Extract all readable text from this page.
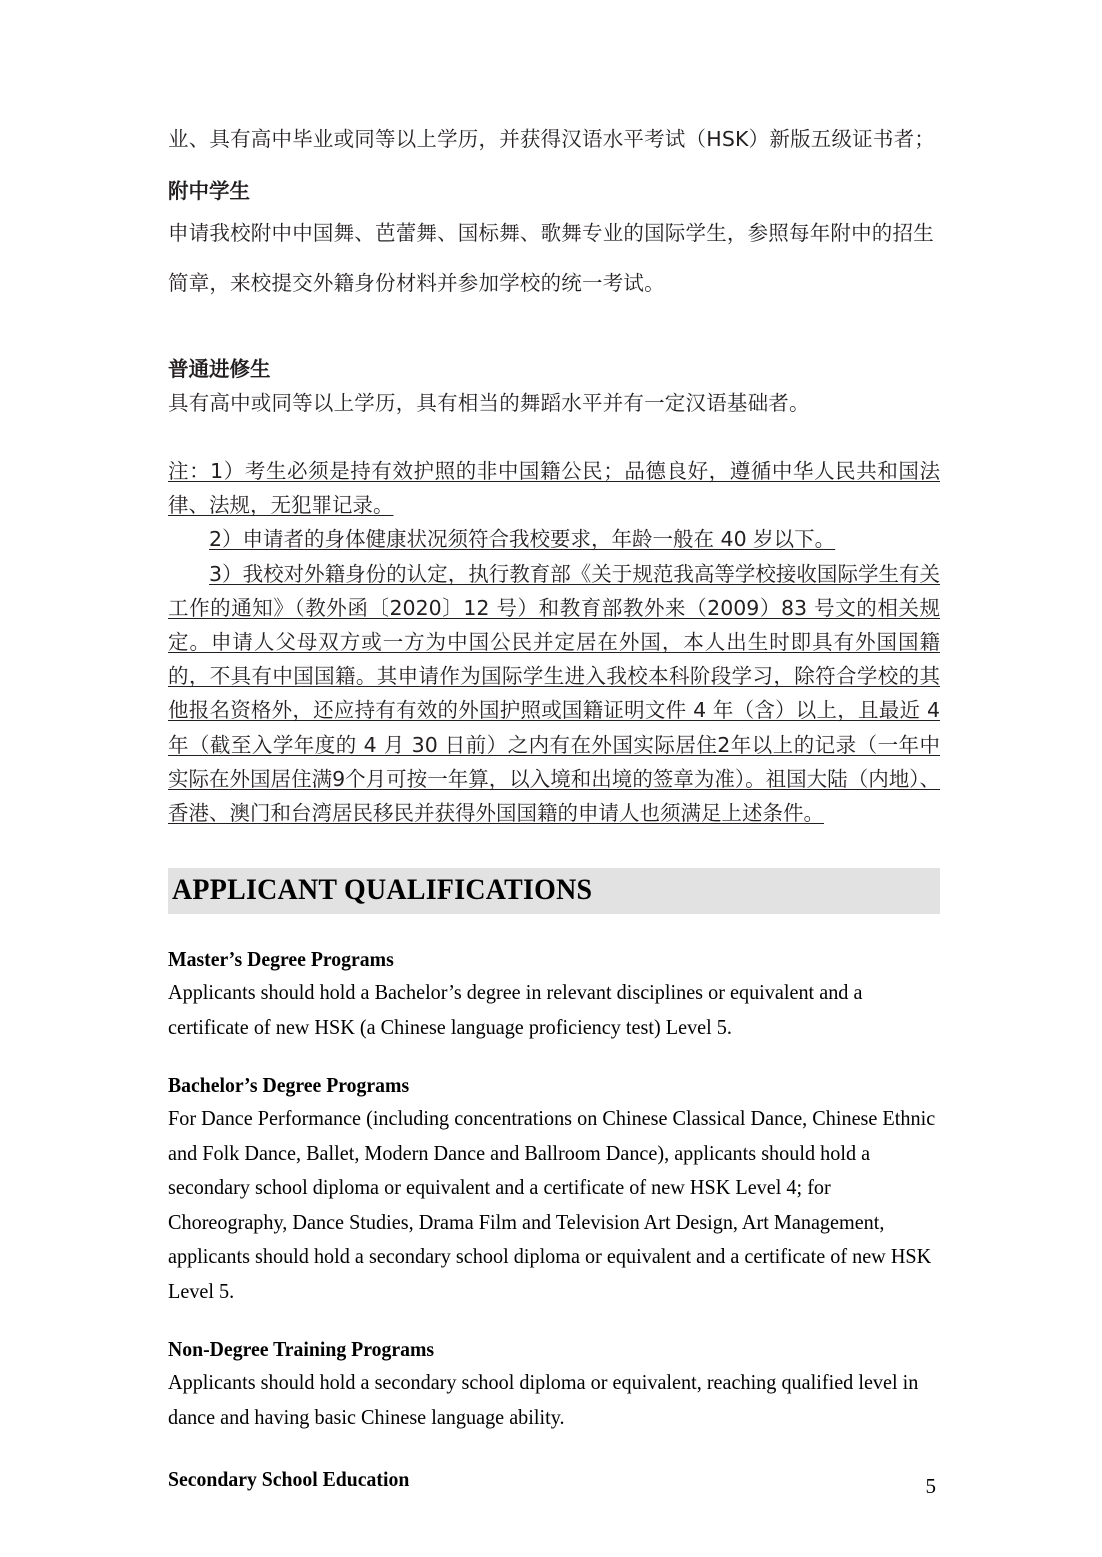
业、具有高中毕业或同等以上学历，并获得汉语水平考试（HSK）新版五级证书者；

附中学生

申请我校附中中国舞、芭蕾舞、国标舞、歌舞专业的国际学生，参照每年附中的招生简章，来校提交外籍身份材料并参加学校的统一考试。

普通进修生

具有高中或同等以上学历，具有相当的舞蹈水平并有一定汉语基础者。

注：1）考生必须是持有效护照的非中国籍公民；品德良好，遵循中华人民共和国法律、法规，无犯罪记录。

2）申请者的身体健康状况须符合我校要求，年龄一般在 40 岁以下。

3）我校对外籍身份的认定，执行教育部《关于规范我高等学校接收国际学生有关工作的通知》（教外函〔2020〕12 号）和教育部教外来（2009）83 号文的相关规定。申请人父母双方或一方为中国公民并定居在外国，本人出生时即具有外国国籍的，不具有中国国籍。其申请作为国际学生进入我校本科阶段学习，除符合学校的其他报名资格外，还应持有有效的外国护照或国籍证明文件 4 年（含）以上，且最近 4 年（截至入学年度的 4 月 30 日前）之内有在外国实际居住2年以上的记录（一年中实际在外国居住满9个月可按一年算，以入境和出境的签章为准）。祖国大陆（内地）、香港、澳门和台湾居民移民并获得外国国籍的申请人也须满足上述条件。

APPLICANT QUALIFICATIONS
Master’s Degree Programs

Applicants should hold a Bachelor’s degree in relevant disciplines or equivalent and a certificate of new HSK (a Chinese language proficiency test) Level 5.

Bachelor’s Degree Programs

For Dance Performance (including concentrations on Chinese Classical Dance, Chinese Ethnic and Folk Dance, Ballet, Modern Dance and Ballroom Dance), applicants should hold a secondary school diploma or equivalent and a certificate of new HSK Level 4; for Choreography, Dance Studies, Drama Film and Television Art Design, Art Management, applicants should hold a secondary school diploma or equivalent and a certificate of new HSK Level 5.

Non-Degree Training Programs

Applicants should hold a secondary school diploma or equivalent, reaching qualified level in dance and having basic Chinese language ability.

Secondary School Education	5
